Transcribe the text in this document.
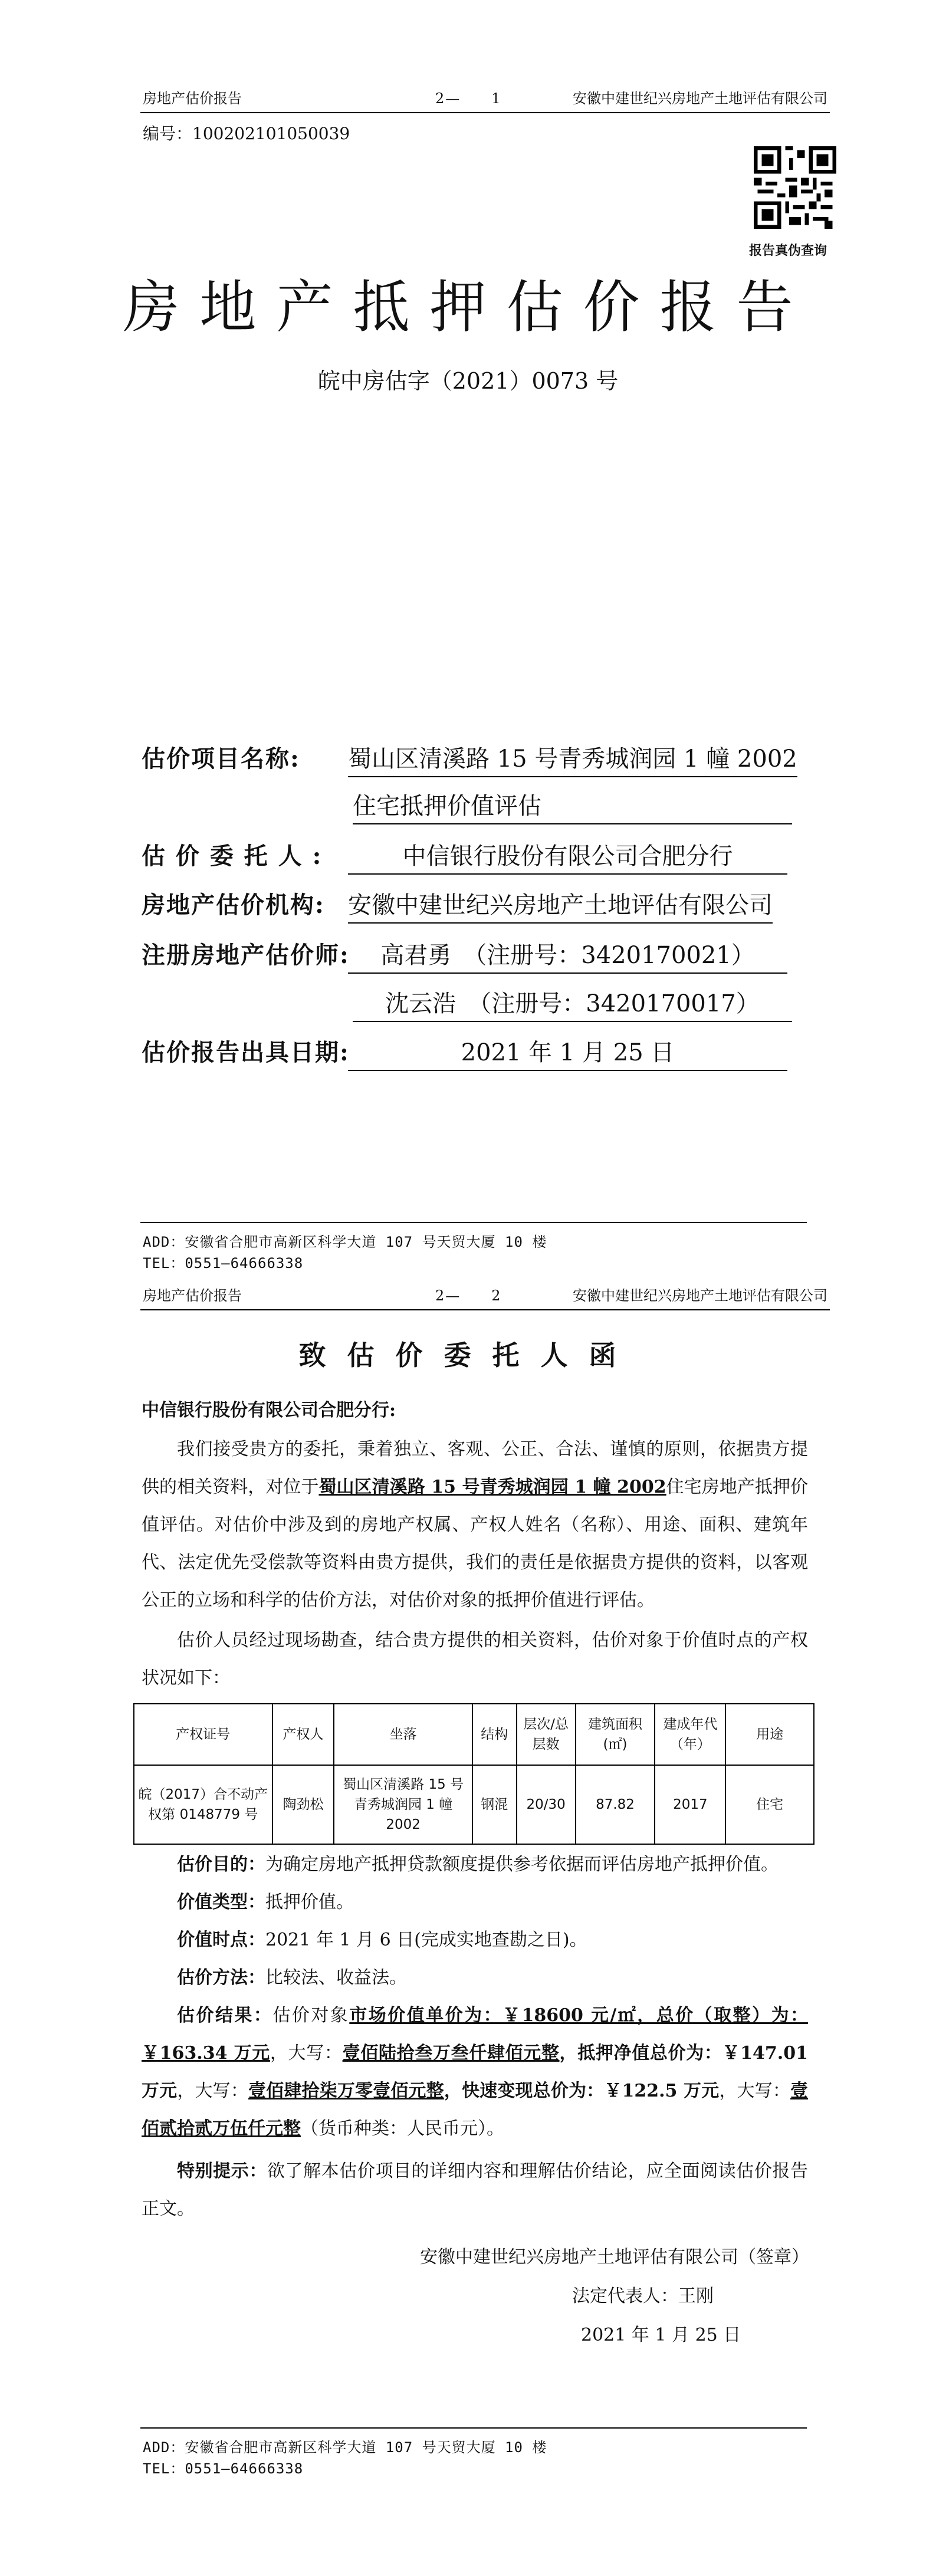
房地产估价报告	2—　　1	安徽中建世纪兴房地产土地评估有限公司
编号：100202101050039
报告真伪查询
房地产抵押估价报告
皖中房估字（2021）0073 号
估价项目名称: 蜀山区清溪路 15 号青秀城润园 1 幢 2002
住宅抵押价值评估
估 价 委 托 人 :	中信银行股份有限公司合肥分行
房地产估价机构: 安徽中建世纪兴房地产土地评估有限公司
注册房地产估价师: 高君勇　（注册号：3420170021）
沈云浩　（注册号：3420170017）
估价报告出具日期:	2021 年 1 月 25 日
ADD：安徽省合肥市高新区科学大道 107 号天贸大厦 10 楼
TEL：0551—64666338
房地产估价报告	2—　　2	安徽中建世纪兴房地产土地评估有限公司
致估价委托人函
中信银行股份有限公司合肥分行:
我们接受贵方的委托，秉着独立、客观、公正、合法、谨慎的原则，依据贵方提供的相关资料，对位于蜀山区清溪路 15 号青秀城润园 1 幢 2002住宅房地产抵押价值评估。对估价中涉及到的房地产权属、产权人姓名（名称）、用途、面积、建筑年代、法定优先受偿款等资料由贵方提供，我们的责任是依据贵方提供的资料，以客观公正的立场和科学的估价方法，对估价对象的抵押价值进行评估。
估价人员经过现场勘查，结合贵方提供的相关资料，估价对象于价值时点的产权状况如下：
产权证号	产权人	坐落	结构	层次/总层数	建筑面积(㎡)	建成年代（年）	用途
皖（2017）合不动产权第 0148779 号	陶劲松	蜀山区清溪路 15 号青秀城润园 1 幢 2002	钢混	20/30	87.82	2017	住宅
估价目的：为确定房地产抵押贷款额度提供参考依据而评估房地产抵押价值。
价值类型：抵押价值。
价值时点：2021 年 1 月 6 日(完成实地查勘之日)。
估价方法：比较法、收益法。
估价结果：估价对象市场价值单价为：￥18600 元/㎡，总价（取整）为：￥163.34 万元，大写：壹佰陆拾叁万叁仟肆佰元整，抵押净值总价为：￥147.01 万元，大写：壹佰肆拾柒万零壹佰元整，快速变现总价为：￥122.5 万元，大写：壹佰贰拾贰万伍仟元整（货币种类：人民币元）。
特别提示：欲了解本估价项目的详细内容和理解估价结论，应全面阅读估价报告正文。
安徽中建世纪兴房地产土地评估有限公司（签章）
法定代表人：王刚
2021 年 1 月 25 日
ADD：安徽省合肥市高新区科学大道 107 号天贸大厦 10 楼
TEL：0551—64666338
